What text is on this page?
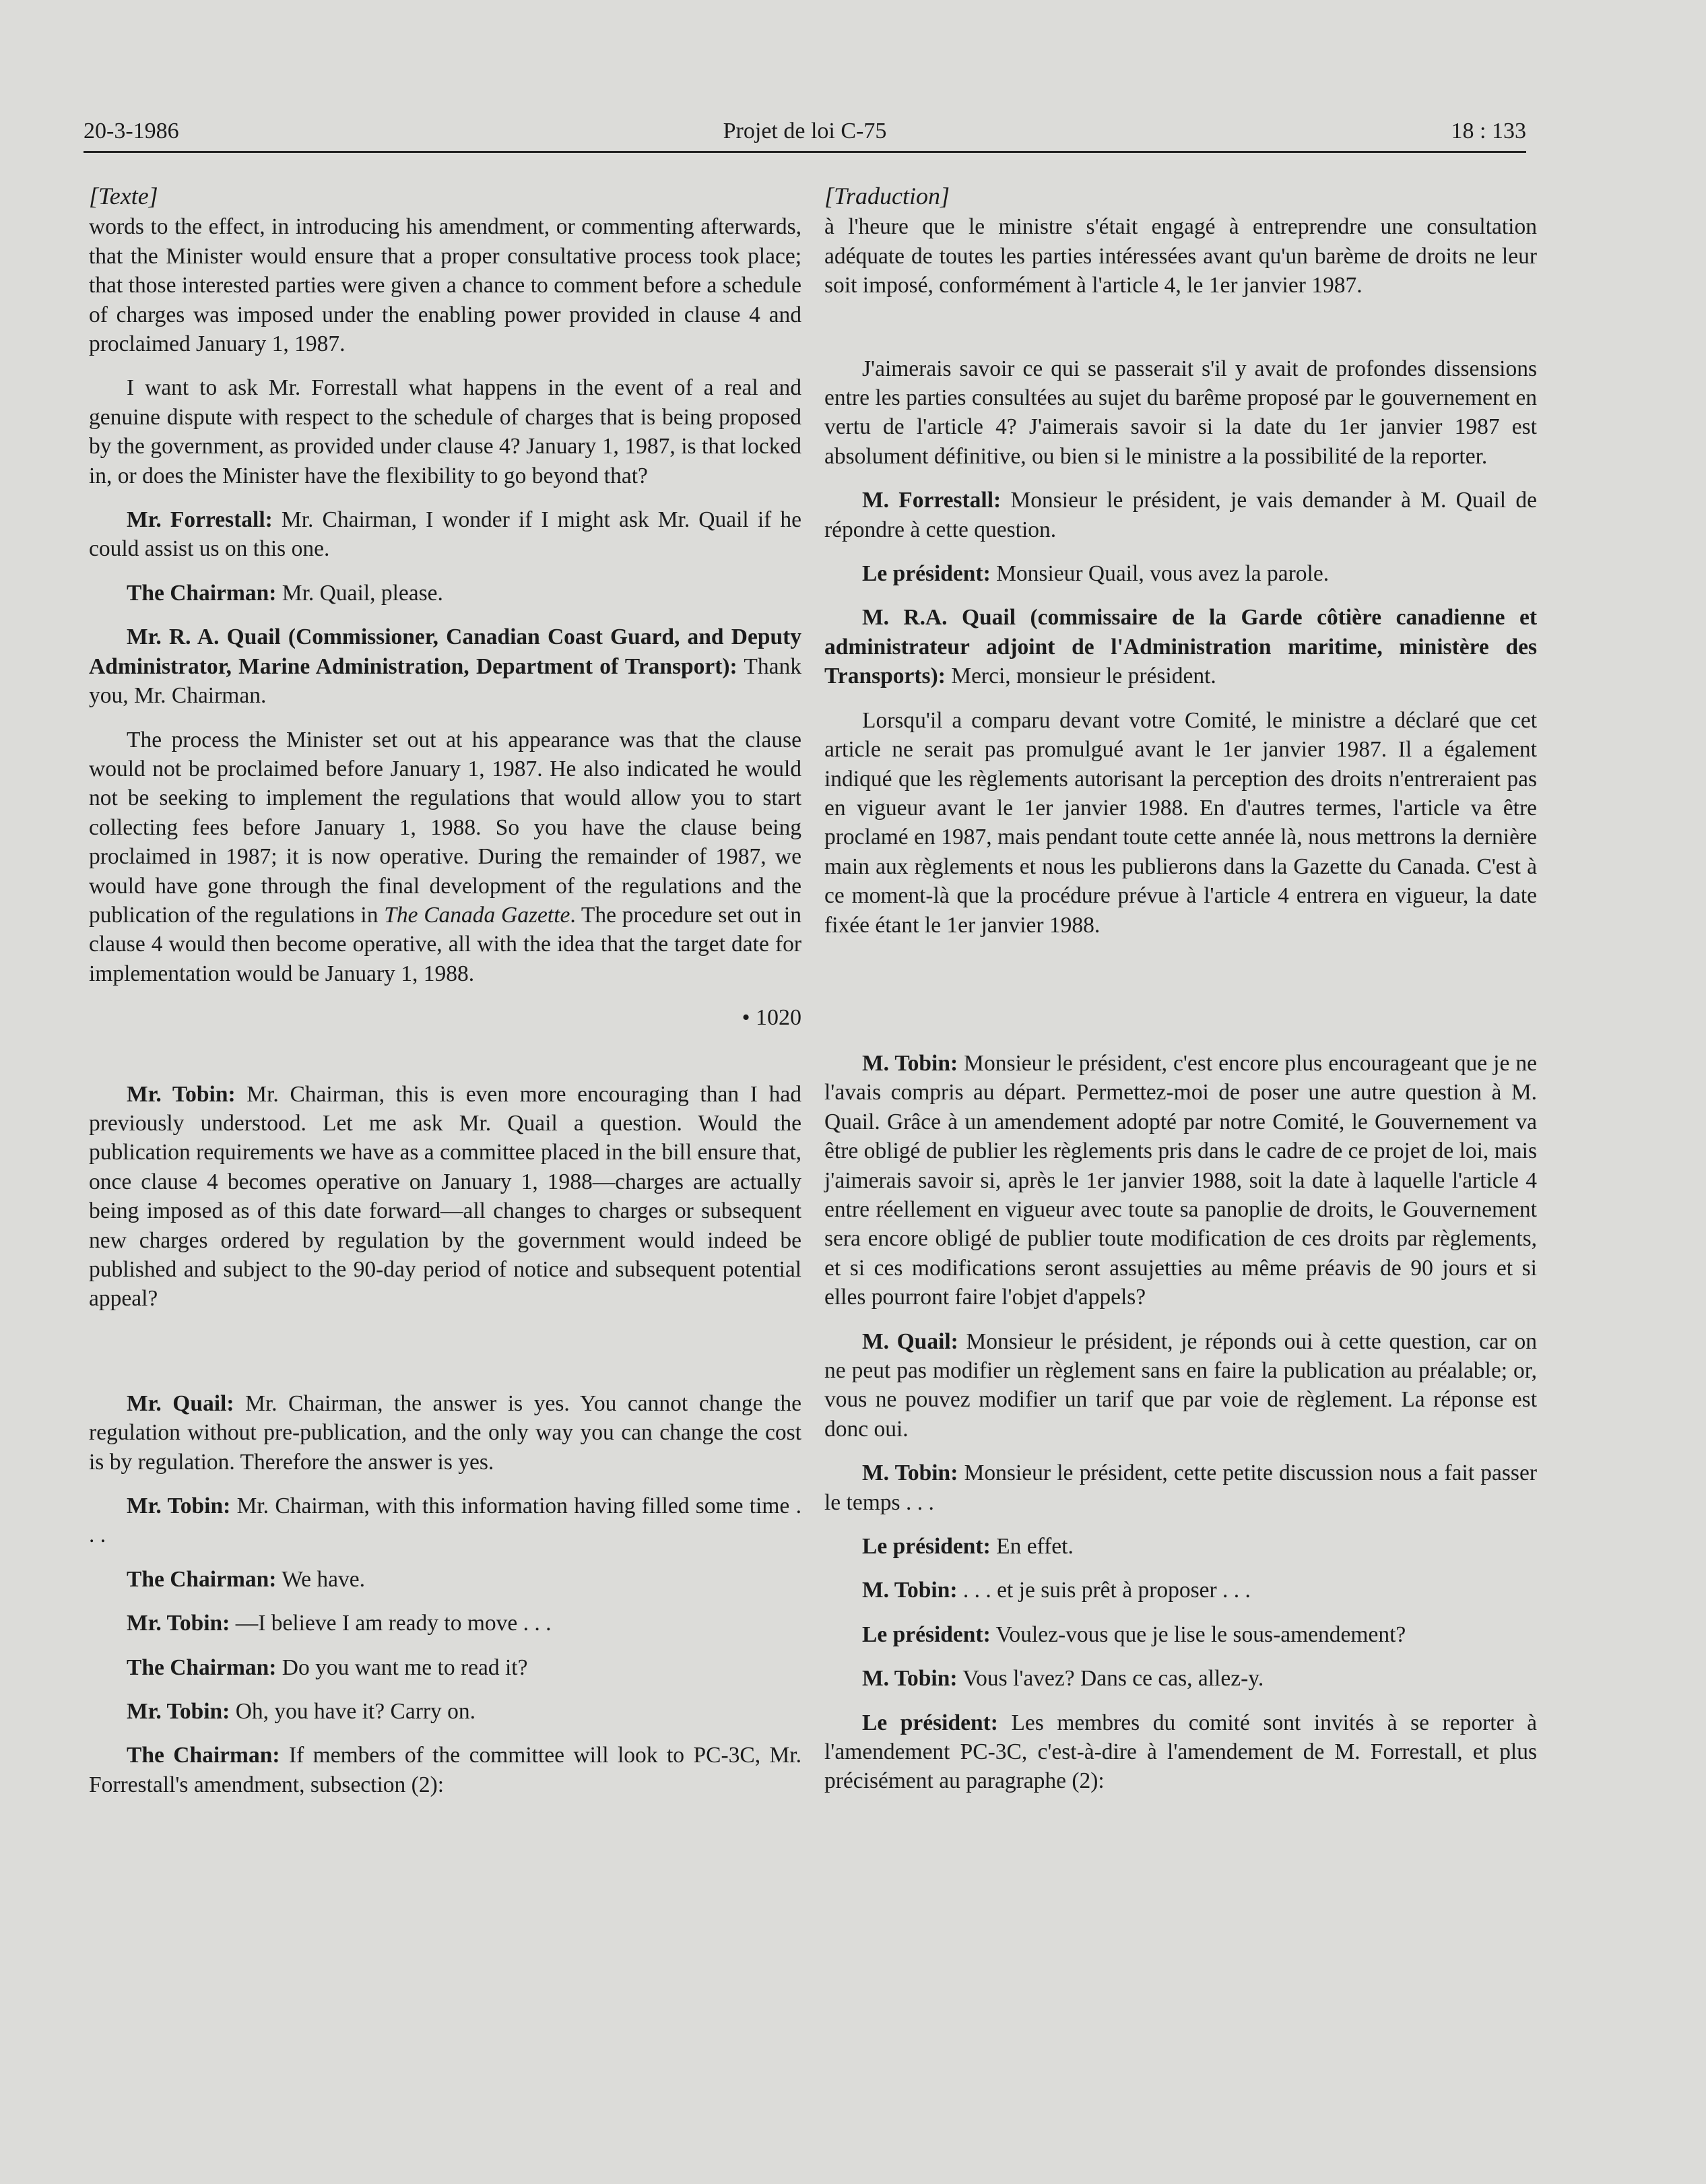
20-3-1986	Projet de loi C-75	18 : 133

[Texte]

words to the effect, in introducing his amendment, or commenting afterwards, that the Minister would ensure that a proper consultative process took place; that those interested parties were given a chance to comment before a schedule of charges was imposed under the enabling power provided in clause 4 and proclaimed January 1, 1987.

I want to ask Mr. Forrestall what happens in the event of a real and genuine dispute with respect to the schedule of charges that is being proposed by the government, as provided under clause 4? January 1, 1987, is that locked in, or does the Minister have the flexibility to go beyond that?

Mr. Forrestall: Mr. Chairman, I wonder if I might ask Mr. Quail if he could assist us on this one.

The Chairman: Mr. Quail, please.

Mr. R. A. Quail (Commissioner, Canadian Coast Guard, and Deputy Administrator, Marine Administration, Department of Transport): Thank you, Mr. Chairman.

The process the Minister set out at his appearance was that the clause would not be proclaimed before January 1, 1987. He also indicated he would not be seeking to implement the regulations that would allow you to start collecting fees before January 1, 1988. So you have the clause being proclaimed in 1987; it is now operative. During the remainder of 1987, we would have gone through the final development of the regulations and the publication of the regulations in The Canada Gazette. The procedure set out in clause 4 would then become operative, all with the idea that the target date for implementation would be January 1, 1988.

• 1020

Mr. Tobin: Mr. Chairman, this is even more encouraging than I had previously understood. Let me ask Mr. Quail a question. Would the publication requirements we have as a committee placed in the bill ensure that, once clause 4 becomes operative on January 1, 1988—charges are actually being imposed as of this date forward—all changes to charges or subsequent new charges ordered by regulation by the government would indeed be published and subject to the 90-day period of notice and subsequent potential appeal?

Mr. Quail: Mr. Chairman, the answer is yes. You cannot change the regulation without pre-publication, and the only way you can change the cost is by regulation. Therefore the answer is yes.

Mr. Tobin: Mr. Chairman, with this information having filled some time . . .

The Chairman: We have.

Mr. Tobin: —I believe I am ready to move . . .

The Chairman: Do you want me to read it?

Mr. Tobin: Oh, you have it? Carry on.

The Chairman: If members of the committee will look to PC-3C, Mr. Forrestall's amendment, subsection (2):

[Traduction]

à l'heure que le ministre s'était engagé à entreprendre une consultation adéquate de toutes les parties intéressées avant qu'un barème de droits ne leur soit imposé, conformément à l'article 4, le 1er janvier 1987.

J'aimerais savoir ce qui se passerait s'il y avait de profondes dissensions entre les parties consultées au sujet du barême proposé par le gouvernement en vertu de l'article 4? J'aimerais savoir si la date du 1er janvier 1987 est absolument définitive, ou bien si le ministre a la possibilité de la reporter.

M. Forrestall: Monsieur le président, je vais demander à M. Quail de répondre à cette question.

Le président: Monsieur Quail, vous avez la parole.

M. R.A. Quail (commissaire de la Garde côtière canadienne et administrateur adjoint de l'Administration maritime, ministère des Transports): Merci, monsieur le président.

Lorsqu'il a comparu devant votre Comité, le ministre a déclaré que cet article ne serait pas promulgué avant le 1er janvier 1987. Il a également indiqué que les règlements autorisant la perception des droits n'entreraient pas en vigueur avant le 1er janvier 1988. En d'autres termes, l'article va être proclamé en 1987, mais pendant toute cette année là, nous mettrons la dernière main aux règlements et nous les publierons dans la Gazette du Canada. C'est à ce moment-là que la procédure prévue à l'article 4 entrera en vigueur, la date fixée étant le 1er janvier 1988.

M. Tobin: Monsieur le président, c'est encore plus encourageant que je ne l'avais compris au départ. Permettez-moi de poser une autre question à M. Quail. Grâce à un amendement adopté par notre Comité, le Gouvernement va être obligé de publier les règlements pris dans le cadre de ce projet de loi, mais j'aimerais savoir si, après le 1er janvier 1988, soit la date à laquelle l'article 4 entre réellement en vigueur avec toute sa panoplie de droits, le Gouvernement sera encore obligé de publier toute modification de ces droits par règlements, et si ces modifications seront assujetties au même préavis de 90 jours et si elles pourront faire l'objet d'appels?

M. Quail: Monsieur le président, je réponds oui à cette question, car on ne peut pas modifier un règlement sans en faire la publication au préalable; or, vous ne pouvez modifier un tarif que par voie de règlement. La réponse est donc oui.

M. Tobin: Monsieur le président, cette petite discussion nous a fait passer le temps . . .

Le président: En effet.

M. Tobin: . . . et je suis prêt à proposer . . .

Le président: Voulez-vous que je lise le sous-amendement?

M. Tobin: Vous l'avez? Dans ce cas, allez-y.

Le président: Les membres du comité sont invités à se reporter à l'amendement PC-3C, c'est-à-dire à l'amendement de M. Forrestall, et plus précisément au paragraphe (2):
